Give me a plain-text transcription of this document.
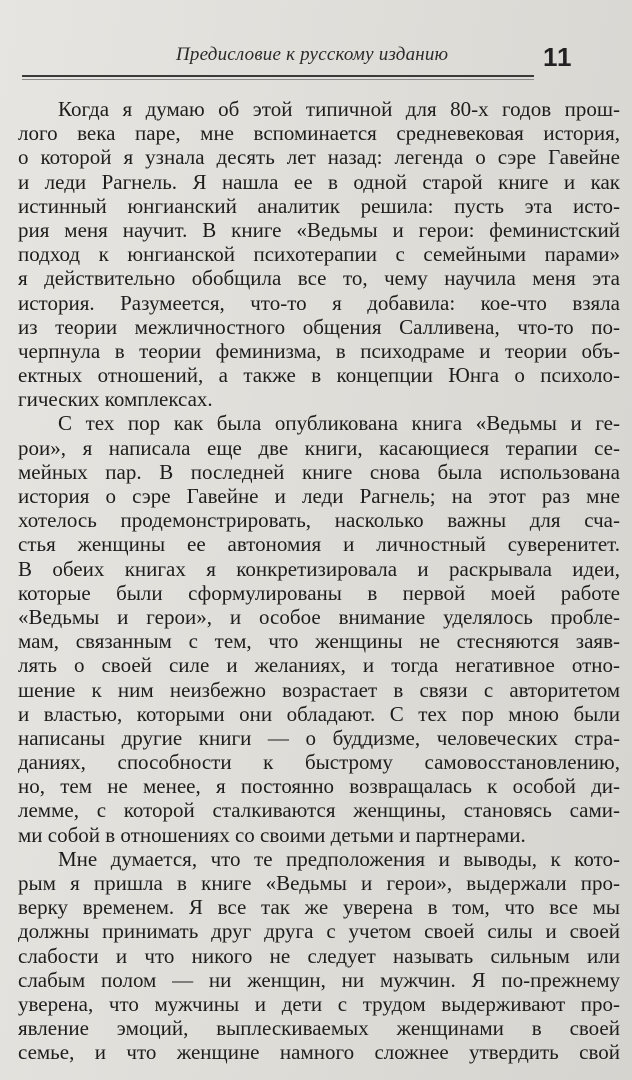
Предисловие к русскому изданию	11
Когда я думаю об этой типичной для 80-х годов прош-
лого века паре, мне вспоминается средневековая история,
о которой я узнала десять лет назад: легенда о сэре Гавейне
и леди Рагнель. Я нашла ее в одной старой книге и как
истинный юнгианский аналитик решила: пусть эта исто-
рия меня научит. В книге «Ведьмы и герои: феминистский
подход к юнгианской психотерапии с семейными парами»
я действительно обобщила все то, чему научила меня эта
история. Разумеется, что-то я добавила: кое-что взяла
из теории межличностного общения Салливена, что-то по-
черпнула в теории феминизма, в психодраме и теории объ-
ектных отношений, а также в концепции Юнга о психоло-
гических комплексах.
С тех пор как была опубликована книга «Ведьмы и ге-
рои», я написала еще две книги, касающиеся терапии се-
мейных пар. В последней книге снова была использована
история о сэре Гавейне и леди Рагнель; на этот раз мне
хотелось продемонстрировать, насколько важны для сча-
стья женщины ее автономия и личностный суверенитет.
В обеих книгах я конкретизировала и раскрывала идеи,
которые были сформулированы в первой моей работе
«Ведьмы и герои», и особое внимание уделялось пробле-
мам, связанным с тем, что женщины не стесняются заяв-
лять о своей силе и желаниях, и тогда негативное отно-
шение к ним неизбежно возрастает в связи с авторитетом
и властью, которыми они обладают. С тех пор мною были
написаны другие книги — о буддизме, человеческих стра-
даниях, способности к быстрому самовосстановлению,
но, тем не менее, я постоянно возвращалась к особой ди-
лемме, с которой сталкиваются женщины, становясь сами-
ми собой в отношениях со своими детьми и партнерами.
Мне думается, что те предположения и выводы, к кото-
рым я пришла в книге «Ведьмы и герои», выдержали про-
верку временем. Я все так же уверена в том, что все мы
должны принимать друг друга с учетом своей силы и своей
слабости и что никого не следует называть сильным или
слабым полом — ни женщин, ни мужчин. Я по-прежнему
уверена, что мужчины и дети с трудом выдерживают про-
явление эмоций, выплескиваемых женщинами в своей
семье, и что женщине намного сложнее утвердить свой
